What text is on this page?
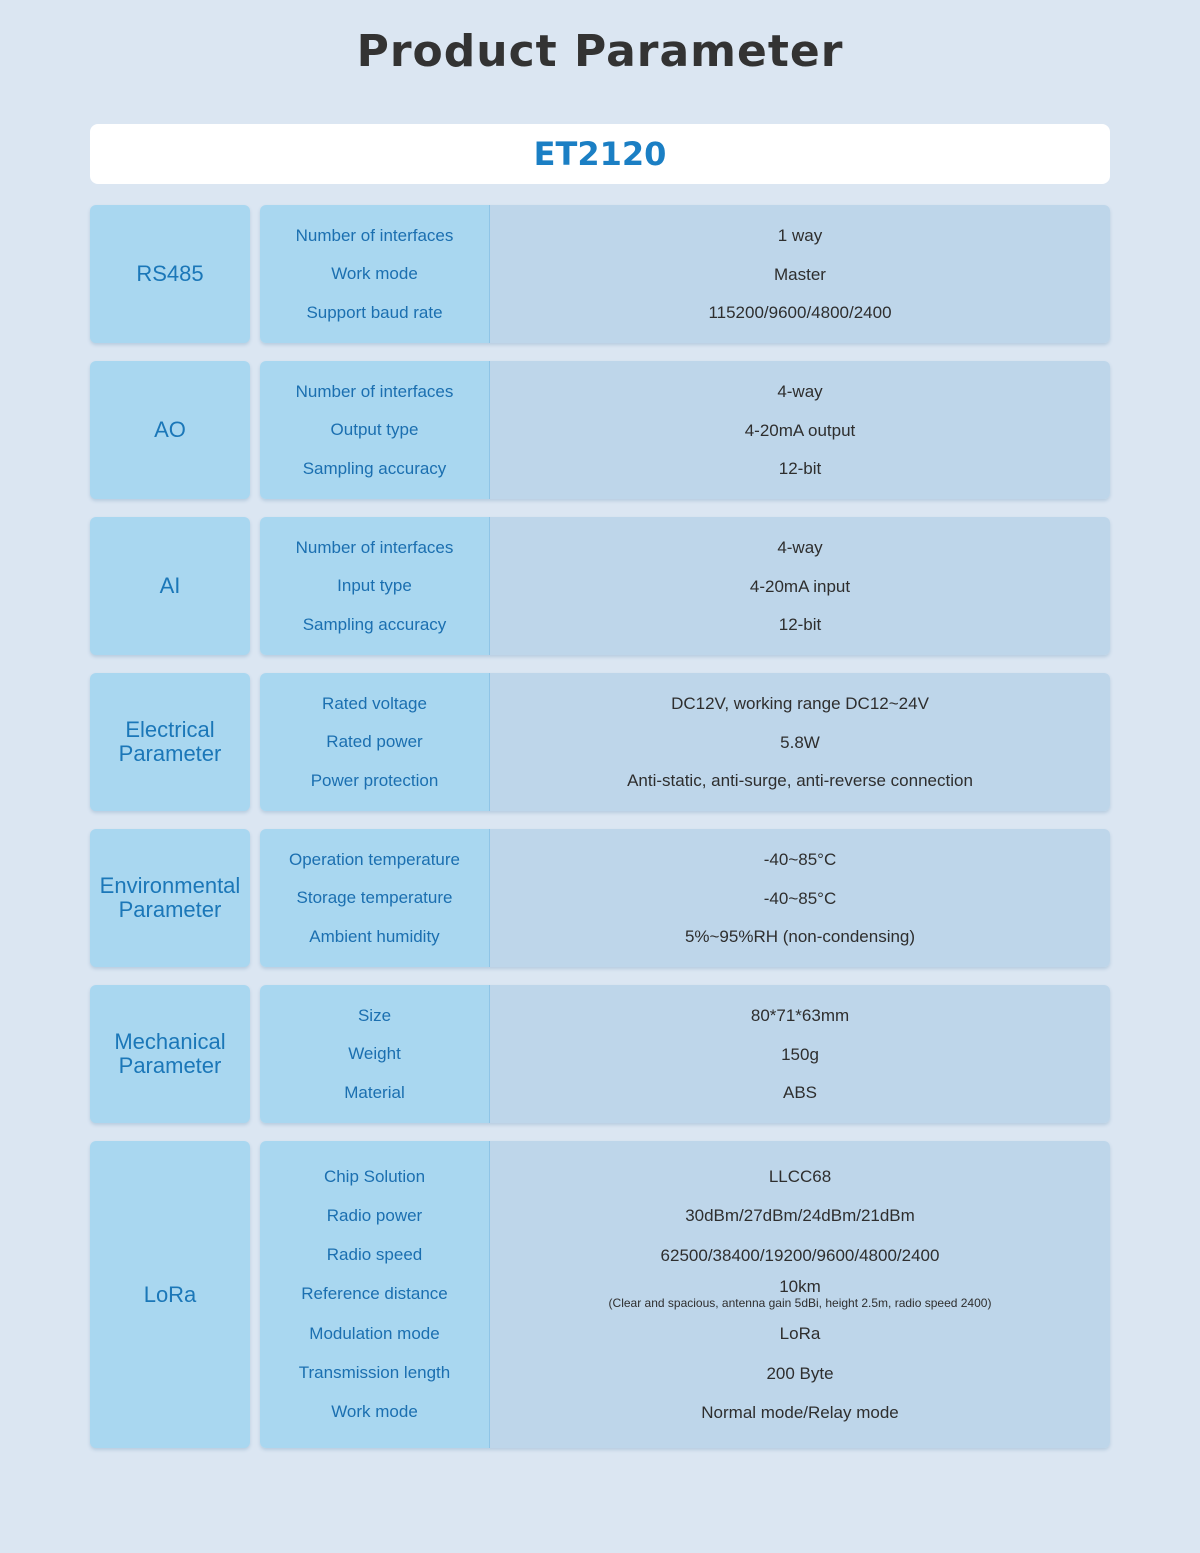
Product Parameter
ET2120
RS485
Number of interfaces
Work mode
Support baud rate
1 way
Master
115200/9600/4800/2400
AO
Number of interfaces
Output type
Sampling accuracy
4-way
4-20mA output
12-bit
AI
Number of interfaces
Input type
Sampling accuracy
4-way
4-20mA input
12-bit
Electrical
Parameter
Rated voltage
Rated power
Power protection
DC12V, working range DC12~24V
5.8W
Anti-static, anti-surge, anti-reverse connection
Environmental
Parameter
Operation temperature
Storage temperature
Ambient humidity
-40~85°C
-40~85°C
5%~95%RH (non-condensing)
Mechanical
Parameter
Size
Weight
Material
80*71*63mm
150g
ABS
LoRa
Chip Solution
Radio power
Radio speed
Reference distance
Modulation mode
Transmission length
Work mode
LLCC68
30dBm/27dBm/24dBm/21dBm
62500/38400/19200/9600/4800/2400
10km
(Clear and spacious, antenna gain 5dBi, height 2.5m, radio speed 2400)
LoRa
200 Byte
Normal mode/Relay mode
